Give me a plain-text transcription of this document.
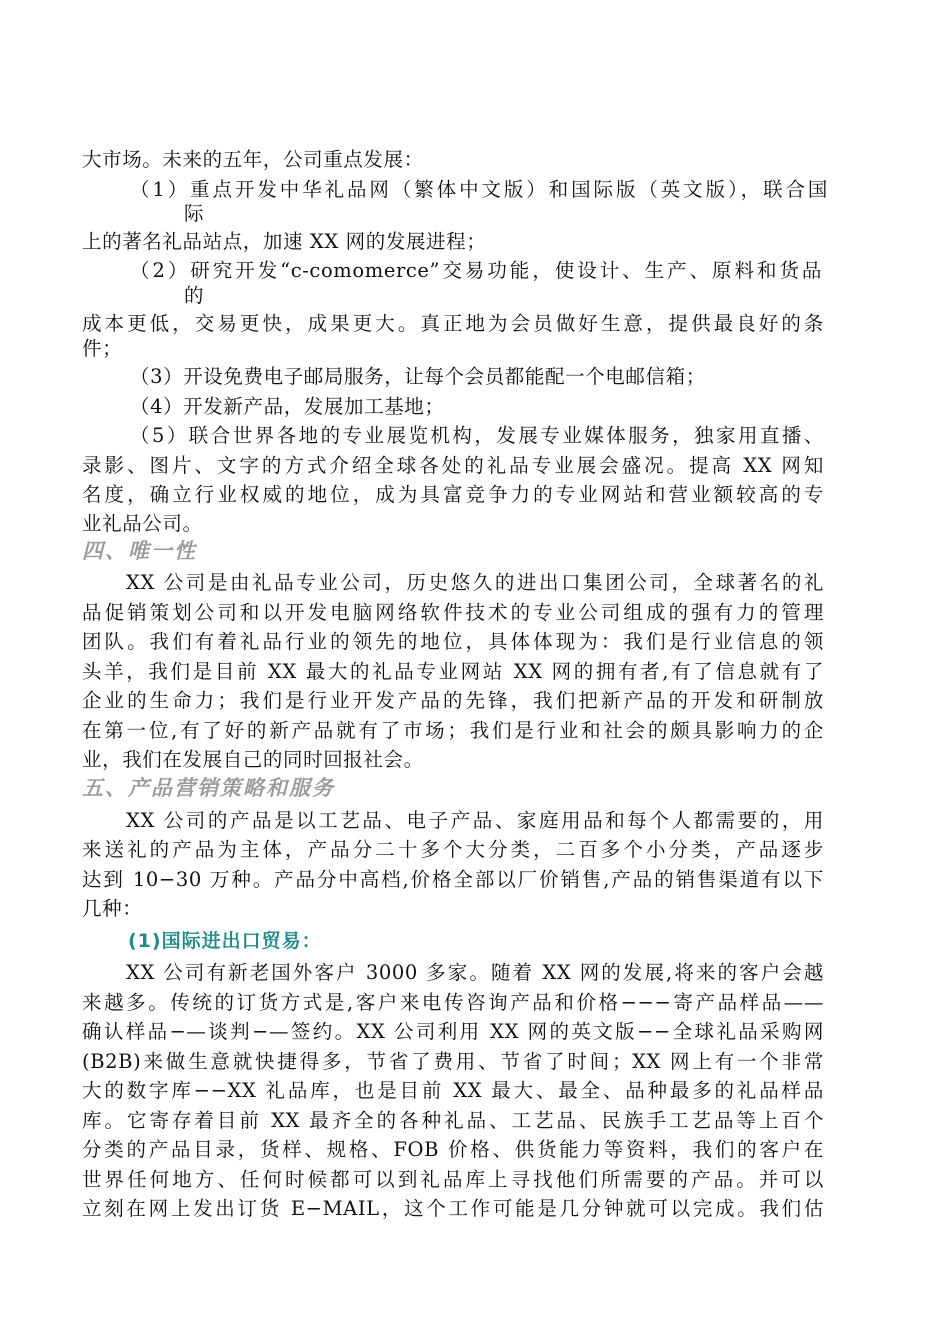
大市场。未来的五年，公司重点发展：
（1）重点开发中华礼品网（繁体中文版）和国际版（英文版），联合国
际
上的著名礼品站点，加速 XX 网的发展进程；
（2）研究开发“c-comomerce”交易功能，使设计、生产、原料和货品
的
成本更低，交易更快，成果更大。真正地为会员做好生意，提供最良好的条
件；
（3）开设免费电子邮局服务，让每个会员都能配一个电邮信箱；
（4）开发新产品，发展加工基地；
（5）联合世界各地的专业展览机构，发展专业媒体服务，独家用直播、
录影、图片、文字的方式介绍全球各处的礼品专业展会盛况。提高 XX 网知
名度，确立行业权威的地位，成为具富竞争力的专业网站和营业额较高的专
业礼品公司。
四、唯一性
XX 公司是由礼品专业公司，历史悠久的进出口集团公司，全球著名的礼
品促销策划公司和以开发电脑网络软件技术的专业公司组成的强有力的管理
团队。我们有着礼品行业的领先的地位，具体体现为：我们是行业信息的领
头羊，我们是目前 XX 最大的礼品专业网站 XX 网的拥有者,有了信息就有了
企业的生命力；我们是行业开发产品的先锋，我们把新产品的开发和研制放
在第一位,有了好的新产品就有了市场；我们是行业和社会的颇具影响力的企
业，我们在发展自己的同时回报社会。
五、产品营销策略和服务
XX 公司的产品是以工艺品、电子产品、家庭用品和每个人都需要的，用
来送礼的产品为主体，产品分二十多个大分类，二百多个小分类，产品逐步
达到 10−30 万种。产品分中高档,价格全部以厂价销售,产品的销售渠道有以下
几种：
(1)国际进出口贸易：
XX 公司有新老国外客户 3000 多家。随着 XX 网的发展,将来的客户会越
来越多。传统的订货方式是,客户来电传咨询产品和价格−−−寄产品样品——
确认样品−—谈判−—签约。XX 公司利用 XX 网的英文版−−全球礼品采购网
(B2B)来做生意就快捷得多，节省了费用、节省了时间；XX 网上有一个非常
大的数字库−−XX 礼品库，也是目前 XX 最大、最全、品种最多的礼品样品
库。它寄存着目前 XX 最齐全的各种礼品、工艺品、民族手工艺品等上百个
分类的产品目录，货样、规格、FOB 价格、供货能力等资料，我们的客户在
世界任何地方、任何时候都可以到礼品库上寻找他们所需要的产品。并可以
立刻在网上发出订货 E−MAIL，这个工作可能是几分钟就可以完成。我们估
